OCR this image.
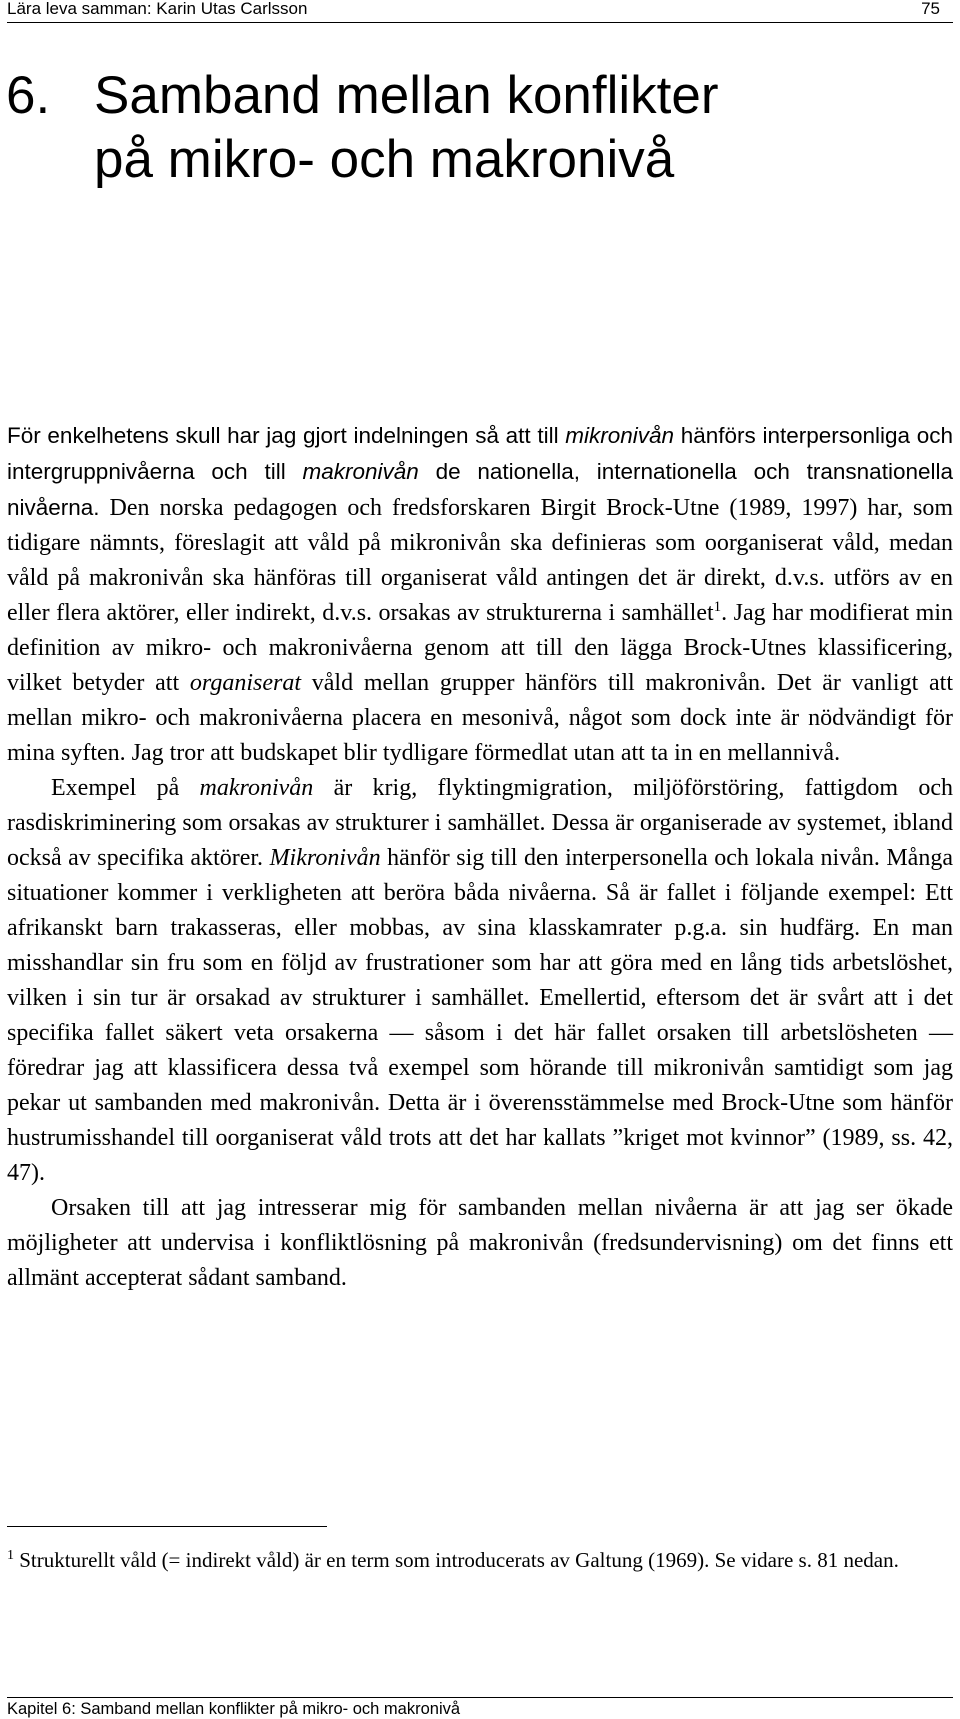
Lära leva samman: Karin Utas Carlsson	75
6. Samband mellan konflikter
på mikro- och makronivå

För enkelhetens skull har jag gjort indelningen så att till mikronivån hänförs interpersonliga och intergruppnivåerna och till makronivån de nationella, internationella och transnationella nivåerna. Den norska pedagogen och fredsforskaren Birgit Brock-Utne (1989, 1997) har, som tidigare nämnts, föreslagit att våld på mikronivån ska definieras som oorganiserat våld, medan våld på makronivån ska hänföras till organiserat våld antingen det är direkt, d.v.s. utförs av en eller flera aktörer, eller indirekt, d.v.s. orsakas av strukturerna i samhället$^1$. Jag har modifierat min definition av mikro- och makronivåerna genom att till den lägga Brock-Utnes klassificering, vilket betyder att organiserat våld mellan grupper hänförs till makronivån. Det är vanligt att mellan mikro- och makronivåerna placera en mesonivå, något som dock inte är nödvändigt för mina syften. Jag tror att budskapet blir tydligare förmedlat utan att ta in en mellannivå.

Exempel på makronivån är krig, flyktingmigration, miljöförstöring, fattigdom och rasdiskriminering som orsakas av strukturer i samhället. Dessa är organiserade av systemet, ibland också av specifika aktörer. Mikronivån hänför sig till den interpersonella och lokala nivån. Många situationer kommer i verkligheten att beröra båda nivåerna. Så är fallet i följande exempel: Ett afrikanskt barn trakasseras, eller mobbas, av sina klasskamrater p.g.a. sin hudfärg. En man misshandlar sin fru som en följd av frustrationer som har att göra med en lång tids arbetslöshet, vilken i sin tur är orsakad av strukturer i samhället. Emellertid, eftersom det är svårt att i det specifika fallet säkert veta orsakerna — såsom i det här fallet orsaken till arbetslösheten — föredrar jag att klassificera dessa två exempel som hörande till mikronivån samtidigt som jag pekar ut sambanden med makronivån. Detta är i överensstämmelse med Brock-Utne som hänför hustrumisshandel till oorganiserat våld trots att det har kallats ”kriget mot kvinnor” (1989, ss. 42, 47).

Orsaken till att jag intresserar mig för sambanden mellan nivåerna är att jag ser ökade möjligheter att undervisa i konfliktlösning på makronivån (fredsundervisning) om det finns ett allmänt accepterat sådant samband.

$^1$ Strukturellt våld (= indirekt våld) är en term som introducerats av Galtung (1969). Se vidare s. 81 nedan.

Kapitel 6: Samband mellan konflikter på mikro- och makronivå
